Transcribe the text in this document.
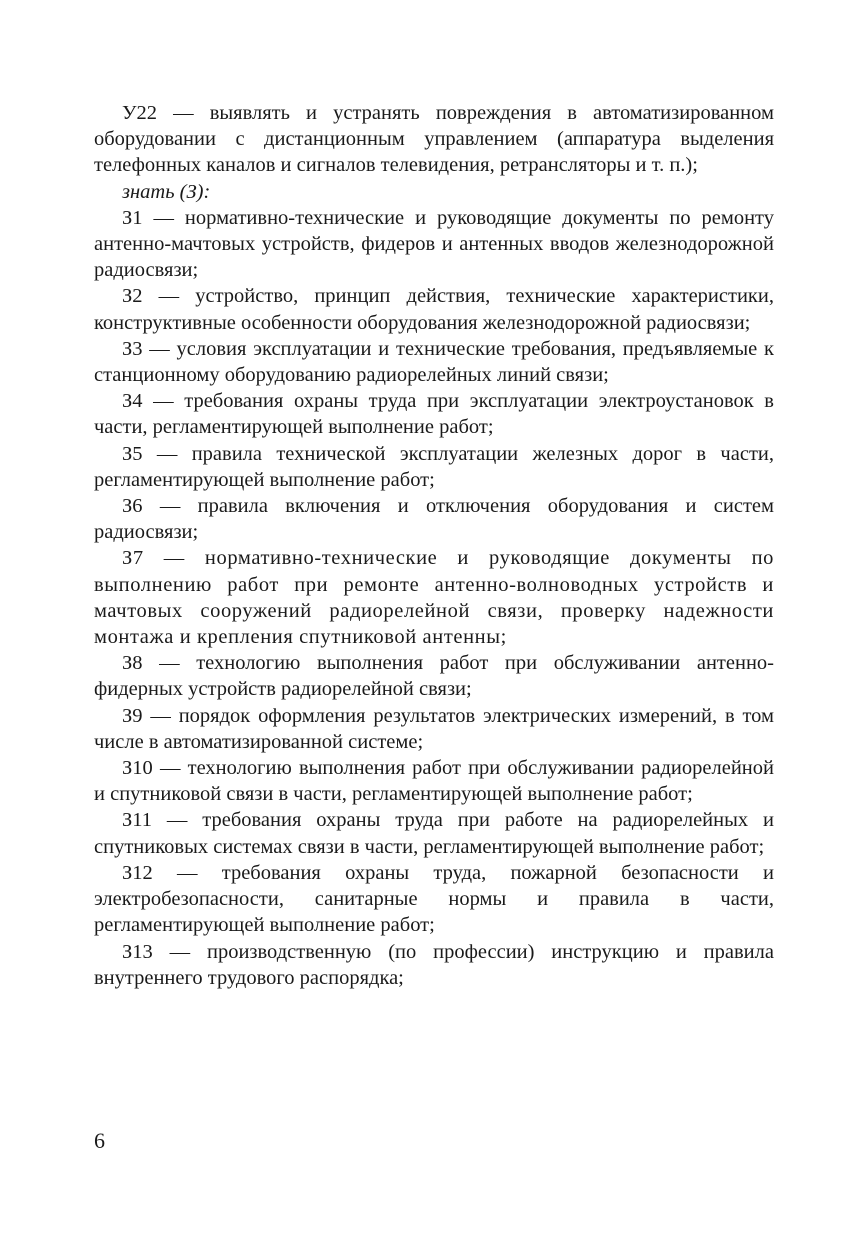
У22 — выявлять и устранять повреждения в автоматизированном оборудовании с дистанционным управлением (аппаратура выделения телефонных каналов и сигналов телевидения, ретрансляторы и т. п.);

знать (З):

З1 — нормативно-технические и руководящие документы по ремонту антенно-мачтовых устройств, фидеров и антенных вводов железнодорожной радиосвязи;

З2 — устройство, принцип действия, технические характеристики, конструктивные особенности оборудования железнодорожной радиосвязи;

З3 — условия эксплуатации и технические требования, предъявляемые к станционному оборудованию радиорелейных линий связи;

З4 — требования охраны труда при эксплуатации электроустановок в части, регламентирующей выполнение работ;

З5 — правила технической эксплуатации железных дорог в части, регламентирующей выполнение работ;

З6 — правила включения и отключения оборудования и систем радиосвязи;

З7 — нормативно-технические и руководящие документы по выполнению работ при ремонте антенно-волноводных устройств и мачтовых сооружений радиорелейной связи, проверку надежности монтажа и крепления спутниковой антенны;

З8 — технологию выполнения работ при обслуживании антенно-фидерных устройств радиорелейной связи;

З9 — порядок оформления результатов электрических измерений, в том числе в автоматизированной системе;

З10 — технологию выполнения работ при обслуживании радиорелейной и спутниковой связи в части, регламентирующей выполнение работ;

З11 — требования охраны труда при работе на радиорелейных и спутниковых системах связи в части, регламентирующей выполнение работ;

З12 — требования охраны труда, пожарной безопасности и электробезопасности, санитарные нормы и правила в части, регламентирующей выполнение работ;

З13 — производственную (по профессии) инструкцию и правила внутреннего трудового распорядка;

6
